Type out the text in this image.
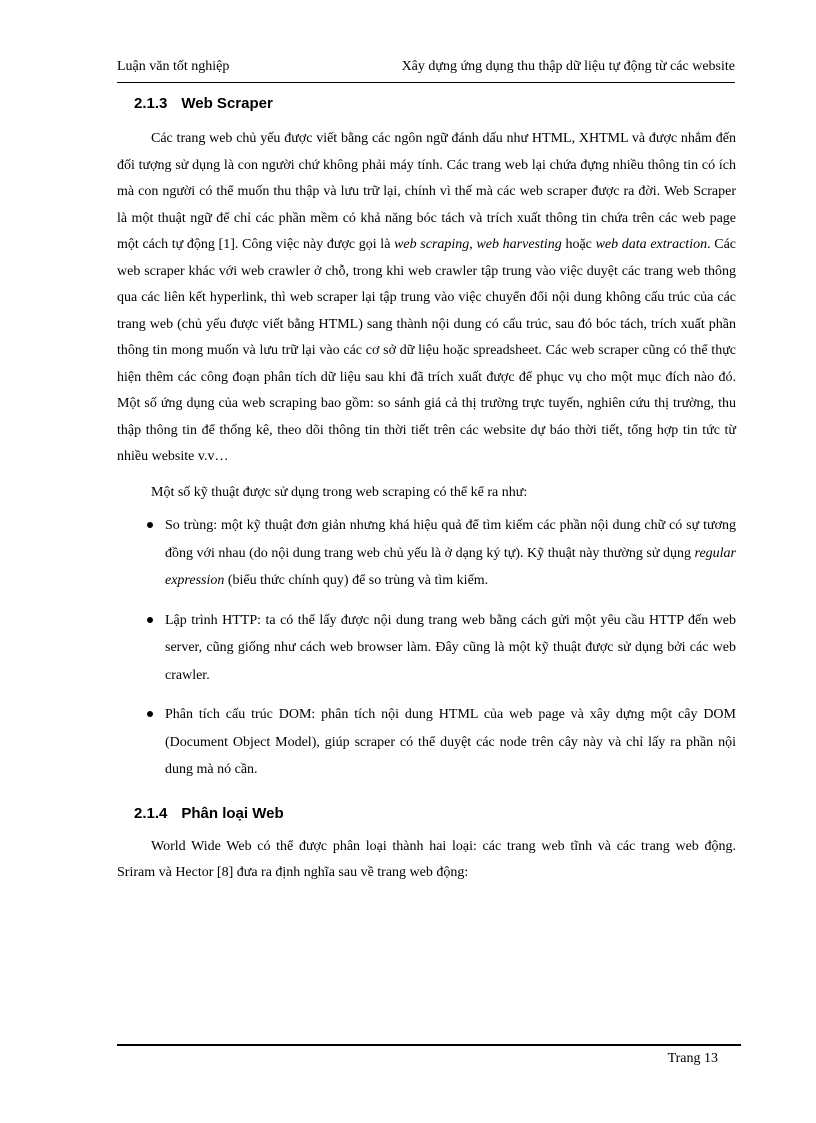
Luận văn tốt nghiệp	Xây dựng ứng dụng thu thập dữ liệu tự động từ các website
2.1.3 Web Scraper

Các trang web chủ yếu được viết bằng các ngôn ngữ đánh dấu như HTML, XHTML và được nhắm đến đối tượng sử dụng là con người chứ không phải máy tính. Các trang web lại chứa đựng nhiều thông tin có ích mà con người có thể muốn thu thập và lưu trữ lại, chính vì thế mà các web scraper được ra đời. Web Scraper là một thuật ngữ để chỉ các phần mềm có khả năng bóc tách và trích xuất thông tin chứa trên các web page một cách tự động [1]. Công việc này được gọi là web scraping, web harvesting hoặc web data extraction. Các web scraper khác với web crawler ở chỗ, trong khi web crawler tập trung vào việc duyệt các trang web thông qua các liên kết hyperlink, thì web scraper lại tập trung vào việc chuyển đổi nội dung không cấu trúc của các trang web (chủ yếu được viết bằng HTML) sang thành nội dung có cấu trúc, sau đó bóc tách, trích xuất phần thông tin mong muốn và lưu trữ lại vào các cơ sở dữ liệu hoặc spreadsheet. Các web scraper cũng có thể thực hiện thêm các công đoạn phân tích dữ liệu sau khi đã trích xuất được để phục vụ cho một mục đích nào đó. Một số ứng dụng của web scraping bao gồm: so sánh giá cả thị trường trực tuyến, nghiên cứu thị trường, thu thập thông tin để thống kê, theo dõi thông tin thời tiết trên các website dự báo thời tiết, tổng hợp tin tức từ nhiều website v.v…

Một số kỹ thuật được sử dụng trong web scraping có thể kể ra như:

So trùng: một kỹ thuật đơn giản nhưng khá hiệu quả để tìm kiếm các phần nội dung chữ có sự tương đồng với nhau (do nội dung trang web chủ yếu là ở dạng ký tự). Kỹ thuật này thường sử dụng regular expression (biểu thức chính quy) để so trùng và tìm kiếm.
Lập trình HTTP: ta có thể lấy được nội dung trang web bằng cách gửi một yêu cầu HTTP đến web server, cũng giống như cách web browser làm. Đây cũng là một kỹ thuật được sử dụng bởi các web crawler.
Phân tích cấu trúc DOM: phân tích nội dung HTML của web page và xây dựng một cây DOM (Document Object Model), giúp scraper có thể duyệt các node trên cây này và chỉ lấy ra phần nội dung mà nó cần.
2.1.4 Phân loại Web

World Wide Web có thể được phân loại thành hai loại: các trang web tĩnh và các trang web động. Sriram và Hector [8] đưa ra định nghĩa sau về trang web động:

Trang 13
